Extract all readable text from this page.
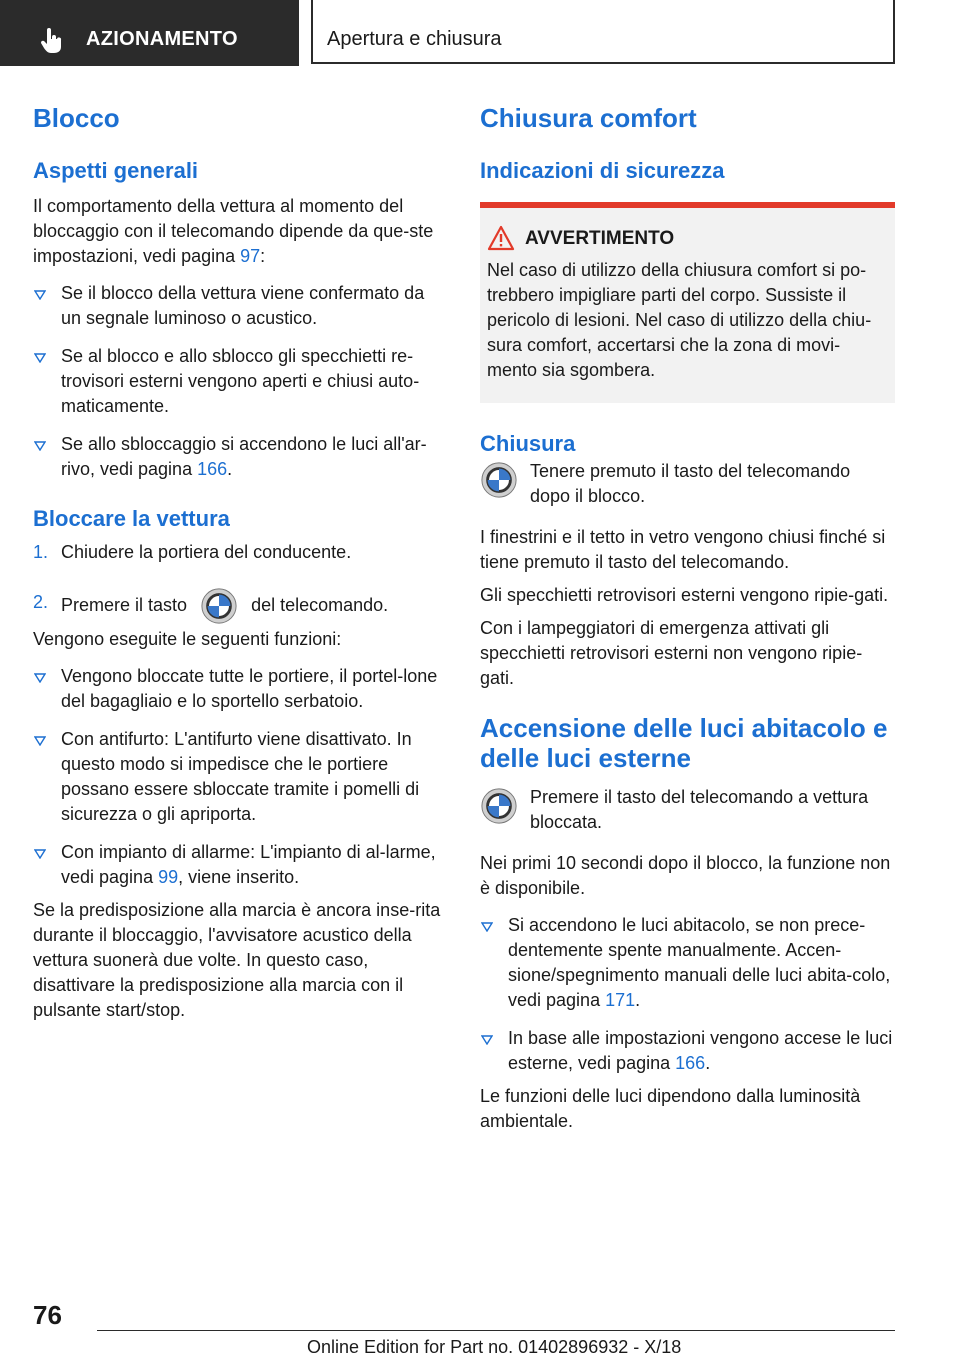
AZIONAMENTO	Apertura e chiusura
Blocco
Aspetti generali

Il comportamento della vettura al momento del bloccaggio con il telecomando dipende da que-ste impostazioni, vedi pagina 97:

Se il blocco della vettura viene confermato da un segnale luminoso o acustico.
Se al blocco e allo sblocco gli specchietti re-trovisori esterni vengono aperti e chiusi auto-maticamente.
Se allo sbloccaggio si accendono le luci all'ar-rivo, vedi pagina 166.
Bloccare la vettura
1. Chiudere la portiera del conducente.
2. Premere il tasto	del telecomando.

Vengono eseguite le seguenti funzioni:

Vengono bloccate tutte le portiere, il portel-lone del bagagliaio e lo sportello serbatoio.
Con antifurto: L'antifurto viene disattivato. In questo modo si impedisce che le portiere possano essere sbloccate tramite i pomelli di sicurezza o gli apriporta.
Con impianto di allarme: L'impianto di al-larme, vedi pagina 99, viene inserito.

Se la predisposizione alla marcia è ancora inse-rita durante il bloccaggio, l'avvisatore acustico della vettura suonerà due volte. In questo caso, disattivare la predisposizione alla marcia con il pulsante start/stop.

Chiusura comfort
Indicazioni di sicurezza
AVVERTIMENTO

Nel caso di utilizzo della chiusura comfort si po-trebbero impigliare parti del corpo. Sussiste il pericolo di lesioni. Nel caso di utilizzo della chiu-sura comfort, accertarsi che la zona di movi-mento sia sgombera.

Chiusura

Tenere premuto il tasto del telecomando dopo il blocco.

I finestrini e il tetto in vetro vengono chiusi finché si tiene premuto il tasto del telecomando.

Gli specchietti retrovisori esterni vengono ripie-gati.

Con i lampeggiatori di emergenza attivati gli specchietti retrovisori esterni non vengono ripie-gati.

Accensione delle luci abitacolo e delle luci esterne

Premere il tasto del telecomando a vettura bloccata.

Nei primi 10 secondi dopo il blocco, la funzione non è disponibile.

Si accendono le luci abitacolo, se non prece-dentemente spente manualmente. Accen-sione/spegnimento manuali delle luci abita-colo, vedi pagina 171.
In base alle impostazioni vengono accese le luci esterne, vedi pagina 166.

Le funzioni delle luci dipendono dalla luminosità ambientale.

76
Online Edition for Part no. 01402896932 - X/18
